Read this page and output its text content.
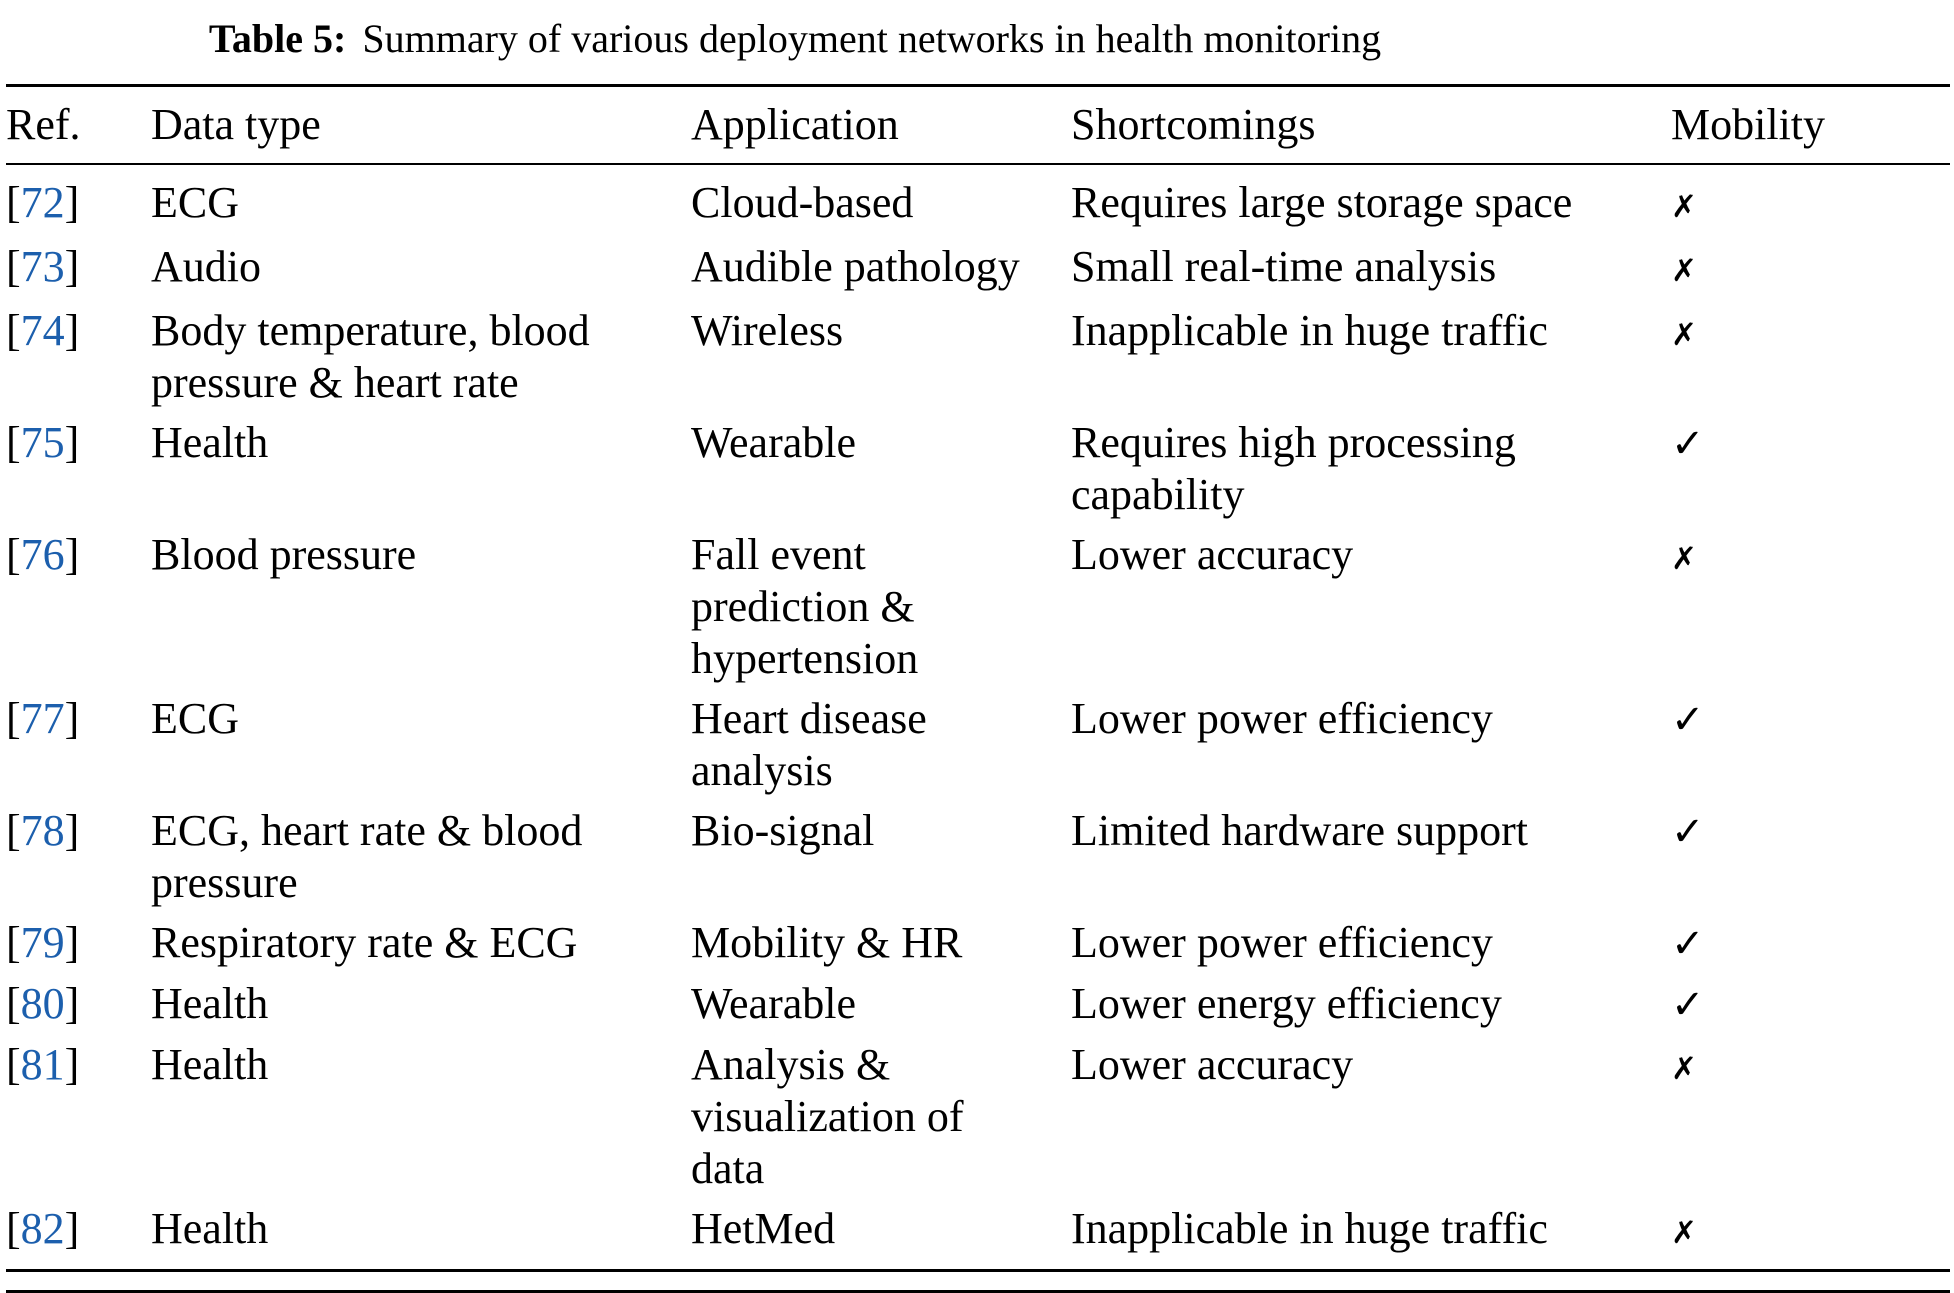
Table 5: Summary of various deployment networks in health monitoring
Ref.	Data type	Application	Shortcomings	Mobility
[72]	ECG	Cloud-based	Requires large storage space	✗
[73]	Audio	Audible pathology	Small real-time analysis	✗
[74]	Body temperature, blood pressure & heart rate	Wireless	Inapplicable in huge traffic	✗
[75]	Health	Wearable	Requires high processing capability	✓
[76]	Blood pressure	Fall event prediction & hypertension	Lower accuracy	✗
[77]	ECG	Heart disease analysis	Lower power efficiency	✓
[78]	ECG, heart rate & blood pressure	Bio-signal	Limited hardware support	✓
[79]	Respiratory rate & ECG	Mobility & HR	Lower power efficiency	✓
[80]	Health	Wearable	Lower energy efficiency	✓
[81]	Health	Analysis & visualization of data	Lower accuracy	✗
[82]	Health	HetMed	Inapplicable in huge traffic	✗
